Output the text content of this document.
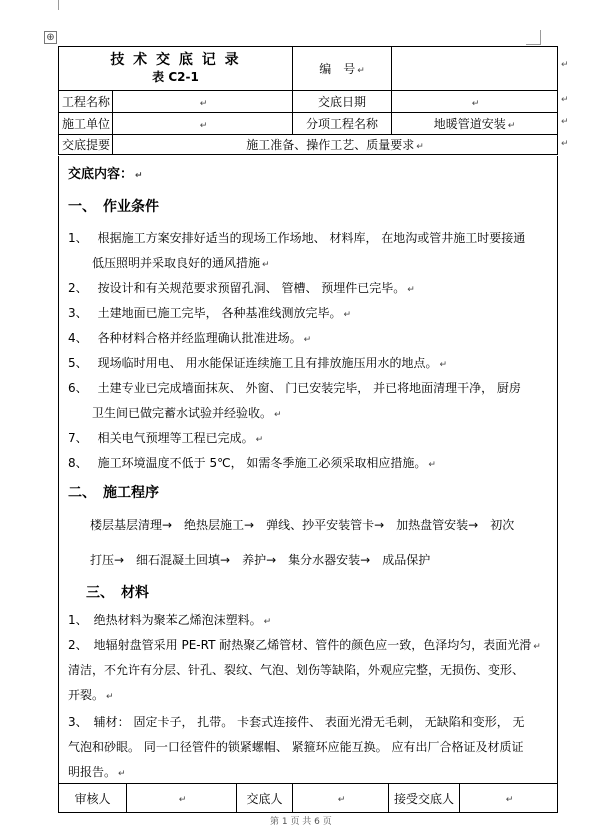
⊕
技 术 交 底 记 录
表 C2-1		编　号 ↵	
工程名称	↵	交底日期	↵
施工单位	↵	分项工程名称	地暖管道安装 ↵
交底提要	施工准备、操作工艺、质量要求 ↵		
↵
↵
↵
↵
交底内容： ↵
一、　作业条件
1、 根据施工方案安排好适当的现场工作场地、 材料库， 在地沟或管井施工时要接通
低压照明并采取良好的通风措施 ↵
2、 按设计和有关规范要求预留孔洞、 管槽、 预埋件已完毕。 ↵
3、 土建地面已施工完毕， 各种基准线测放完毕。 ↵
4、 各种材料合格并经监理确认批准进场。 ↵
5、 现场临时用电、 用水能保证连续施工且有排放施压用水的地点。 ↵
6、 土建专业已完成墙面抹灰、 外窗、 门已安装完毕， 并已将地面清理干净， 厨房
卫生间已做完蓄水试验并经验收。 ↵
7、 相关电气预埋等工程已完成。 ↵
8、 施工环境温度不低于 5℃， 如需冬季施工必须采取相应措施。 ↵
二、　施工程序
楼层基层清理→　绝热层施工→　弹线、抄平安装管卡→　加热盘管安装→　初次
打压→　细石混凝土回填→　养护→　集分水器安装→　成品保护
三、　材料
1、 绝热材料为聚苯乙烯泡沫塑料。 ↵
2、 地辐射盘管采用 PE-RT 耐热聚乙烯管材、管件的颜色应一致，色泽均匀，表面光滑 ↵
清洁，不允许有分层、针孔、裂纹、气泡、划伤等缺陷，外观应完整，无损伤、变形、
开裂。 ↵
3、 辅材： 固定卡子， 扎带。 卡套式连接件、 表面光滑无毛刺， 无缺陷和变形， 无
气泡和砂眼。 同一口径管件的锁紧螺帽、 紧箍环应能互换。 应有出厂合格证及材质证
明报告。 ↵
审核人	↵	交底人	↵	接受交底人	↵
第 1 页 共 6 页
